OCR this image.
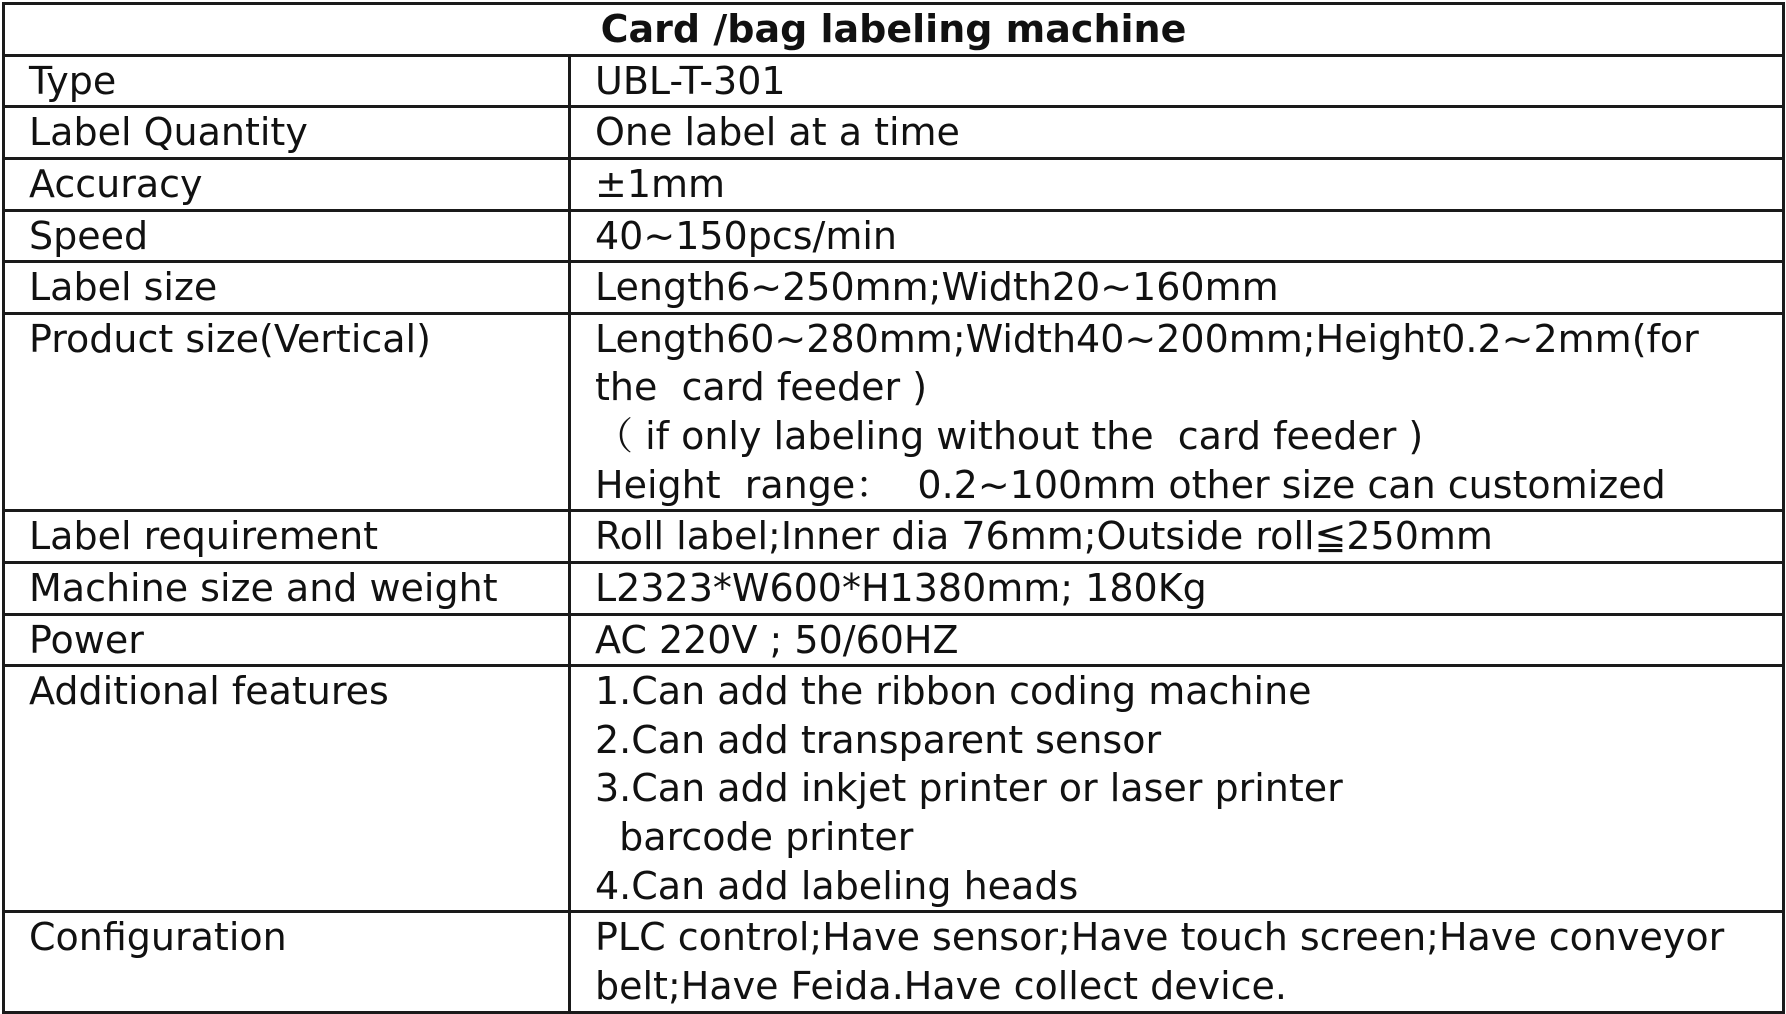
Card /bag labeling machine	
Type	UBL-T-301

Label Quantity	One label at a time

Accuracy	±1mm

Speed	40~150pcs/min

Label size	Length6~250mm;Width20~160mm

Product size(Vertical)	Length60~280mm;Width40~200mm;Height0.2~2mm(for
the  card feeder )
（ if only labeling without the  card feeder )
Height  range：  0.2~100mm other size can customized

Label requirement	Roll label;Inner dia 76mm;Outside roll≦250mm

Machine size and weight	L2323*W600*H1380mm; 180Kg

Power	AC 220V ; 50/60HZ

Additional features	1.Can add the ribbon coding machine
2.Can add transparent sensor
3.Can add inkjet printer or laser printer
barcode printer
4.Can add labeling heads

Configuration	PLC control;Have sensor;Have touch screen;Have conveyor
belt;Have Feida.Have collect device.
